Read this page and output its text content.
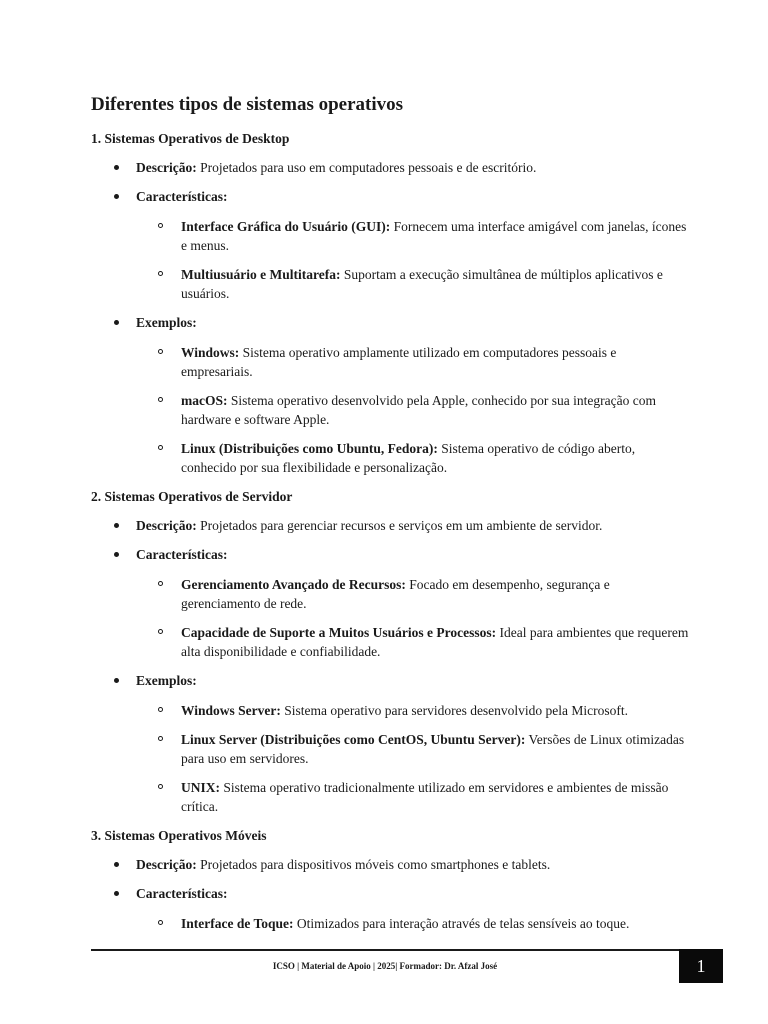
Diferentes tipos de sistemas operativos
1. Sistemas Operativos de Desktop
Descrição: Projetados para uso em computadores pessoais e de escritório.
Características:
Interface Gráfica do Usuário (GUI): Fornecem uma interface amigável com janelas, ícones e menus.
Multiusuário e Multitarefa: Suportam a execução simultânea de múltiplos aplicativos e usuários.
Exemplos:
Windows: Sistema operativo amplamente utilizado em computadores pessoais e empresariais.
macOS: Sistema operativo desenvolvido pela Apple, conhecido por sua integração com hardware e software Apple.
Linux (Distribuições como Ubuntu, Fedora): Sistema operativo de código aberto, conhecido por sua flexibilidade e personalização.
2. Sistemas Operativos de Servidor
Descrição: Projetados para gerenciar recursos e serviços em um ambiente de servidor.
Características:
Gerenciamento Avançado de Recursos: Focado em desempenho, segurança e gerenciamento de rede.
Capacidade de Suporte a Muitos Usuários e Processos: Ideal para ambientes que requerem alta disponibilidade e confiabilidade.
Exemplos:
Windows Server: Sistema operativo para servidores desenvolvido pela Microsoft.
Linux Server (Distribuições como CentOS, Ubuntu Server): Versões de Linux otimizadas para uso em servidores.
UNIX: Sistema operativo tradicionalmente utilizado em servidores e ambientes de missão crítica.
3. Sistemas Operativos Móveis
Descrição: Projetados para dispositivos móveis como smartphones e tablets.
Características:
Interface de Toque: Otimizados para interação através de telas sensíveis ao toque.
ICSO | Material de Apoio | 2025| Formador: Dr. Afzal José	1
